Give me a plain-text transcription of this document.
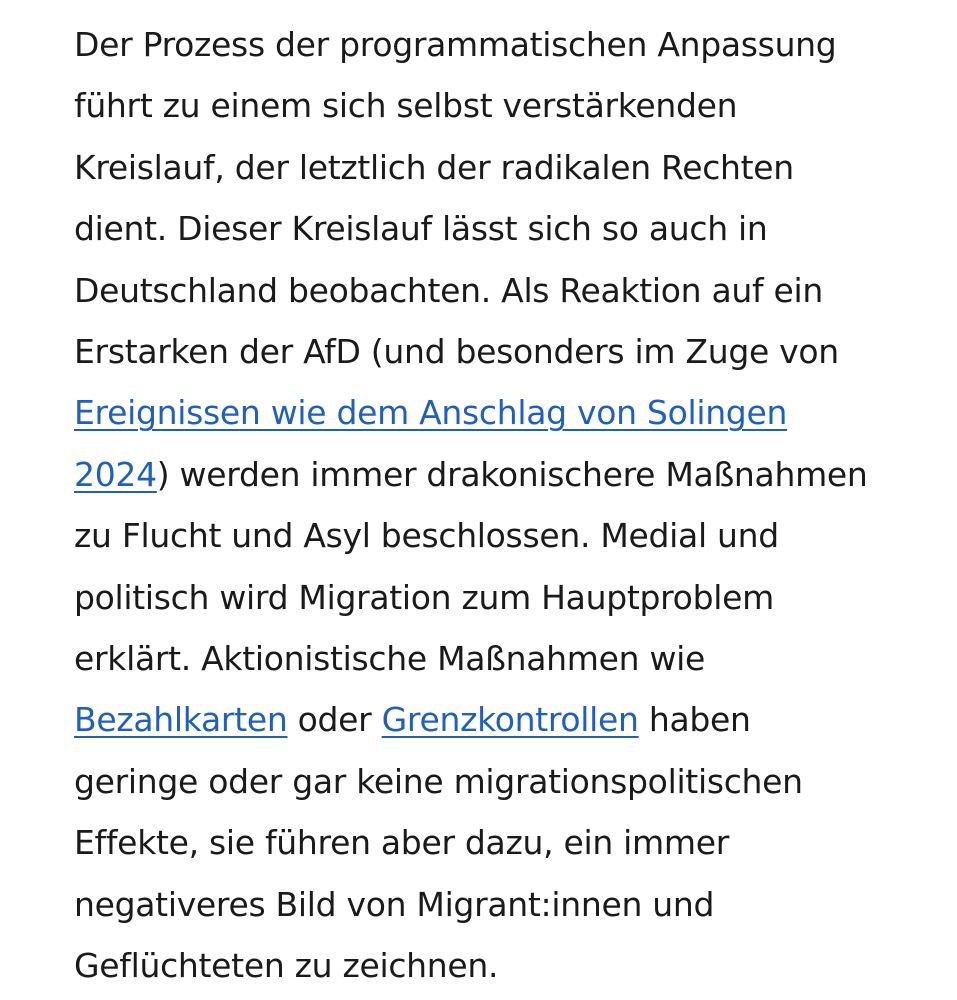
Der Prozess der programmatischen Anpassung
führt zu einem sich selbst verstärkenden
Kreislauf, der letztlich der radikalen Rechten
dient. Dieser Kreislauf lässt sich so auch in
Deutschland beobachten. Als Reaktion auf ein
Erstarken der AfD (und besonders im Zuge von
Ereignissen wie dem Anschlag von Solingen
2024) werden immer drakonischere Maßnahmen
zu Flucht und Asyl beschlossen. Medial und
politisch wird Migration zum Hauptproblem
erklärt. Aktionistische Maßnahmen wie
Bezahlkarten oder Grenzkontrollen haben
geringe oder gar keine migrationspolitischen
Effekte, sie führen aber dazu, ein immer
negativeres Bild von Migrant:innen und
Geflüchteten zu zeichnen.
